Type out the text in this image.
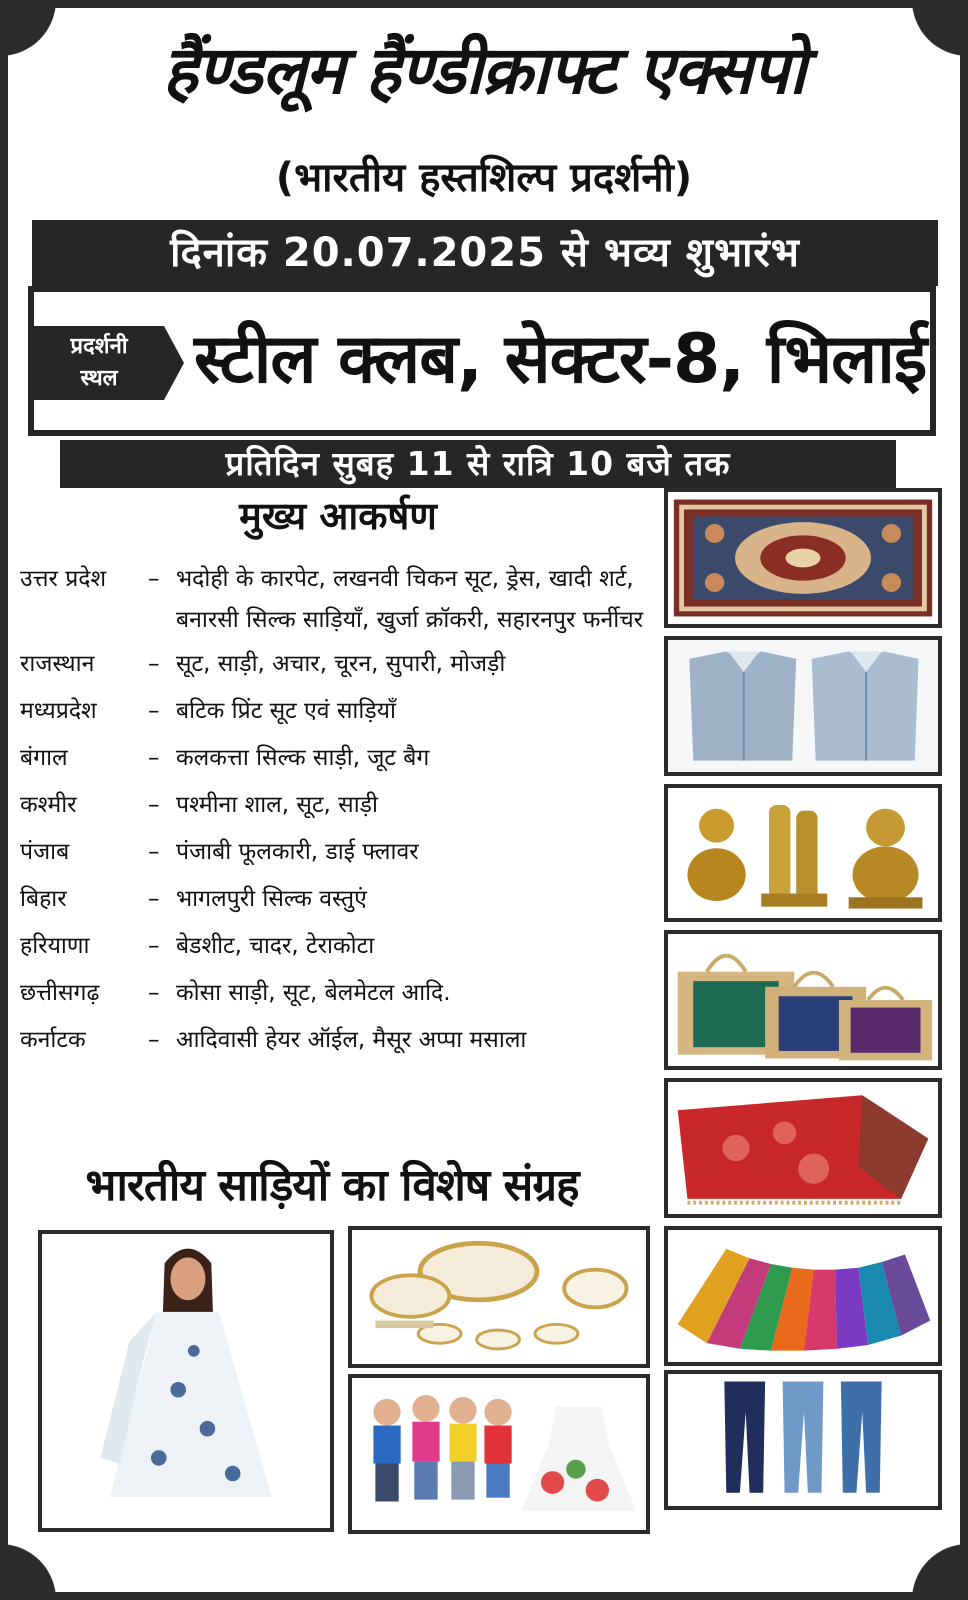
हैंण्डलूम हैंण्डीक्राफ्ट एक्सपो
(भारतीय हस्तशिल्प प्रदर्शनी)
दिनांक 20.07.2025 से भव्य शुभारंभ
प्रदर्शनी
स्थल	स्टील क्लब, सेक्टर-8, भिलाई
प्रतिदिन सुबह 11 से रात्रि 10 बजे तक
मुख्य आकर्षण
उत्तर प्रदेश	– भदोही के कारपेट, लखनवी चिकन सूट, ड्रेस, खादी शर्ट, बनारसी सिल्क साड़ियाँ, खुर्जा क्रॉकरी, सहारनपुर फर्नीचर
राजस्थान	– सूट, साड़ी, अचार, चूरन, सुपारी, मोजड़ी
मध्यप्रदेश	– बटिक प्रिंट सूट एवं साड़ियाँ
बंगाल	– कलकत्ता सिल्क साड़ी, जूट बैग
कश्मीर	– पश्मीना शाल, सूट, साड़ी
पंजाब	– पंजाबी फूलकारी, डाई फ्लावर
बिहार	– भागलपुरी सिल्क वस्तुएं
हरियाणा	– बेडशीट, चादर, टेराकोटा
छत्तीसगढ़	– कोसा साड़ी, सूट, बेलमेटल आदि.
कर्नाटक	– आदिवासी हेयर ऑईल, मैसूर अप्पा मसाला
भारतीय साड़ियों का विशेष संग्रह
